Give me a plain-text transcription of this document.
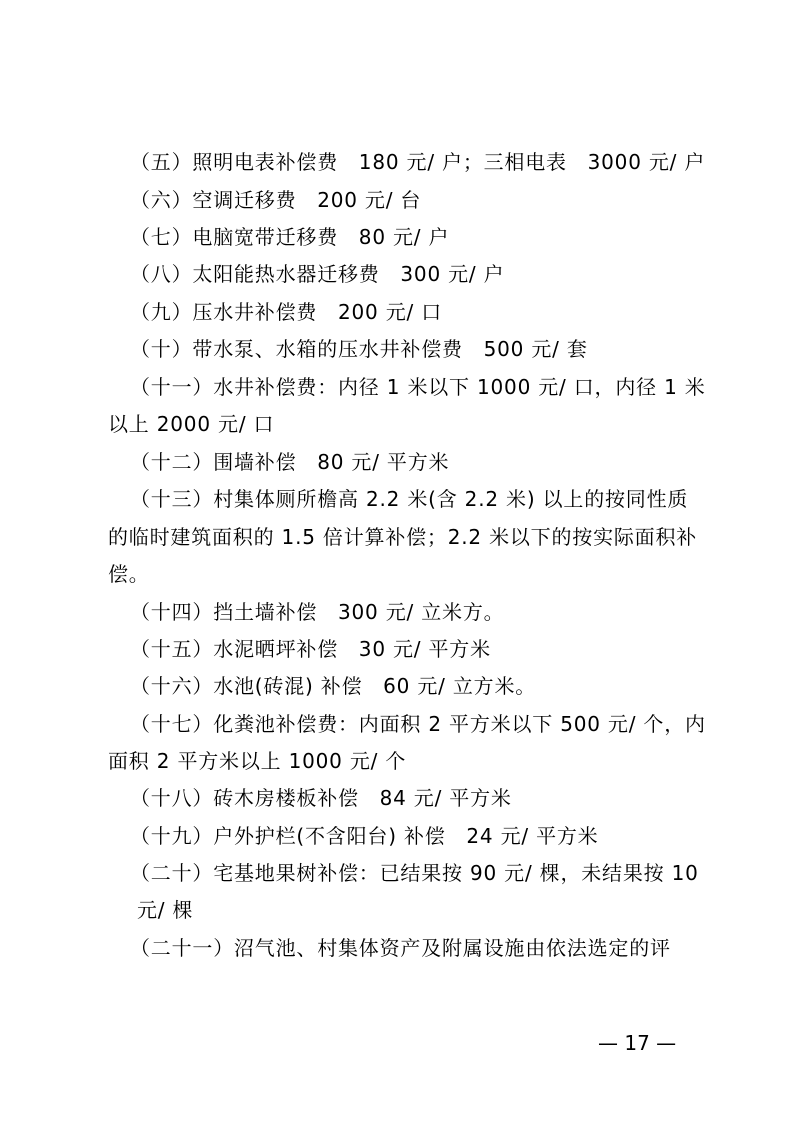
（五）照明电表补偿费　180 元/ 户；三相电表　3000 元/ 户
（六）空调迁移费　200 元/ 台
（七）电脑宽带迁移费　80 元/ 户
（八）太阳能热水器迁移费　300 元/ 户
（九）压水井补偿费　200 元/ 口
（十）带水泵、水箱的压水井补偿费　500 元/ 套
（十一）水井补偿费：内径 1 米以下 1000 元/ 口，内径 1 米
以上 2000 元/ 口
（十二）围墙补偿　80 元/ 平方米
（十三）村集体厕所檐高 2.2 米(含 2.2 米) 以上的按同性质
的临时建筑面积的 1.5 倍计算补偿；2.2 米以下的按实际面积补
偿。
（十四）挡土墙补偿　300 元/ 立米方。
（十五）水泥晒坪补偿　30 元/ 平方米
（十六）水池(砖混) 补偿　60 元/ 立方米。
（十七）化粪池补偿费：内面积 2 平方米以下 500 元/ 个，内
面积 2 平方米以上 1000 元/ 个
（十八）砖木房楼板补偿　84 元/ 平方米
（十九）户外护栏(不含阳台) 补偿　24 元/ 平方米
（二十）宅基地果树补偿：已结果按 90 元/ 棵，未结果按 10
元/ 棵
（二十一）沼气池、村集体资产及附属设施由依法选定的评
— 17 —
